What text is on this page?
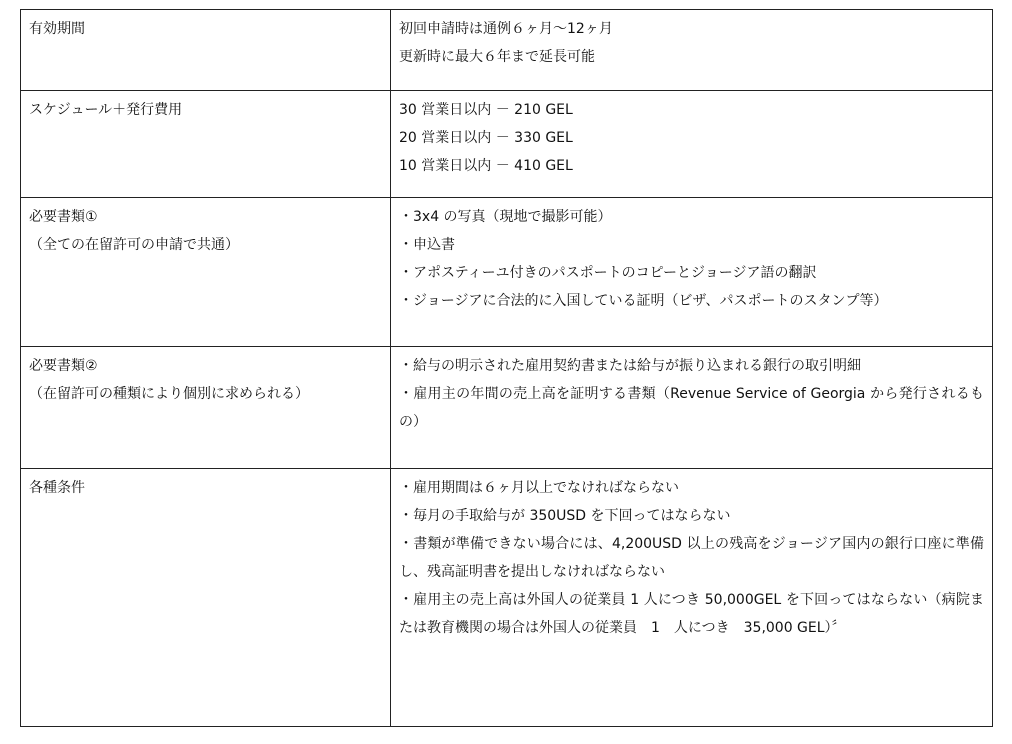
有効期間	初回申請時は通例６ヶ月〜12ヶ月
更新時に最大６年まで延長可能

スケジュール＋発行費用	30 営業日以内 － 210 GEL
20 営業日以内 － 330 GEL
10 営業日以内 － 410 GEL

必要書類①
（全ての在留許可の申請で共通）	・3x4 の写真（現地で撮影可能）
・申込書
・アポスティーユ付きのパスポートのコピーとジョージア語の翻訳
・ジョージアに合法的に入国している証明（ビザ、パスポートのスタンプ等）

必要書類②
（在留許可の種類により個別に求められる）	・給与の明示された雇用契約書または給与が振り込まれる銀行の取引明細
・雇用主の年間の売上高を証明する書類（Revenue Service of Georgia から発行されるもの）

各種条件	・雇用期間は６ヶ月以上でなければならない
・毎月の手取給与が 350USD を下回ってはならない
・書類が準備できない場合には、4,200USD 以上の残高をジョージア国内の銀行口座に準備し、残高証明書を提出しなければならない
・雇用主の売上高は外国人の従業員 1 人につき 50,000GEL を下回ってはならない（病院または教育機関の場合は外国人の従業員　1　人につき　35,000 GEL）〞
